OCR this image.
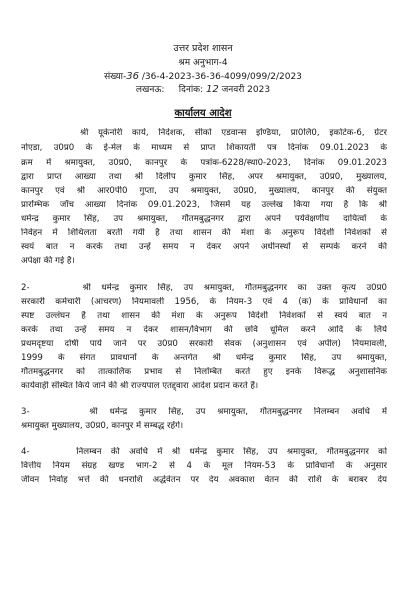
उत्तर प्रदेश शासन
श्रम अनुभाग-4
संख्या-36 /36-4-2023-36-36-4099/099/2/2023
लखनऊ:     दिनांक: 12 जनवरी 2023
कार्यालय आदेश
श्री यूकेनोरी काये, निदेशक, सीको एडवान्स इण्डिया, प्रा0लि0, इकोटेक-6, ग्रेटर
नोएडा, उ0प्र0 के ई-मेल के माध्यम से प्राप्त शिकायती पत्र दिनांक 09.01.2023 के
क्रम में श्रमायुक्त, उ0प्र0, कानपुर के पत्रांक-6228/स्था0-2023, दिनांक 09.01.2023
द्वारा प्राप्त आख्या तथा श्री दिलीप कुमार सिंह, अपर श्रमायुक्त, उ0प्र0, मुख्यालय,
कानपुर एवं श्री आर0पी0 गुप्ता, उप श्रमायुक्त, उ0प्र0, मुख्यालय, कानपुर की संयुक्त
प्रारम्भिक जॉच आख्या दिनांक 09.01.2023, जिसमें यह उल्लेख किया गया है कि श्री
धर्मेन्द्र कुमार सिंह, उप श्रमायुक्त, गौतमबुद्धनगर द्वारा अपने पर्यवेक्षणीय दायित्वों के
निर्वहन में शिथिलता बरती गयी है तथा शासन की मंशा के अनुरूप विदेशी निवेशकों से
स्वयं बात न करके तथा उन्हें समय न देकर अपने अधीनस्थों से सम्पर्क करने की
अपेक्षा की गई है।
2-     श्री धर्मेन्द्र कुमार सिंह, उप श्रमायुक्त, गौतमबुद्धनगर का उक्त कृत्य उ0प्र0
सरकारी कर्मचारी (आचरण) नियमावली 1956, के नियम-3 एवं 4 (क) के प्राविधानों का
स्पष्ट उल्लंघन है तथा शासन की मंशा के अनुरूप विदेशी निवेशकों से स्वयं बात न
करके तथा उन्हें समय न देकर शासन/विभाग की छवि धूमिल करने आदि के लिये
प्रथमदृष्टया दोषी पाये जाने पर उ0प्र0 सरकारी सेवक (अनुशासन एवं अपील) नियमावली,
1999 के संगत प्रावधानों के अन्तर्गत श्री धर्मेन्द्र कुमार सिंह, उप श्रमायुक्त,
गौतमबुद्धनगर को तात्कालिक प्रभाव से निलम्बित करते हुए इनके विरूद्ध अनुशासनिक
कार्यवाही संस्थित किये जाने की श्री राज्यपाल एतद्द्वारा आदेश प्रदान करते हैं।
3-     श्री धर्मेन्द्र कुमार सिंह, उप श्रमायुक्त, गौतमबुद्धनगर निलम्बन अवधि में
श्रमायुक्त मुख्यालय, उ0प्र0, कानपुर में सम्बद्ध रहेंगे।
4-     निलम्बन की अवधि में श्री धर्मेन्द्र कुमार सिंह, उप श्रमायुक्त, गौतमबुद्धनगर को
वित्तीय नियम संग्रह खण्ड भाग-2 से 4 के मूल नियम-53 के प्राविधानों के अनुसार
जीवन निर्वाह भत्ते की धनराशि अर्द्धवेतन पर देय अवकाश वेतन की राशि के बराबर देय
